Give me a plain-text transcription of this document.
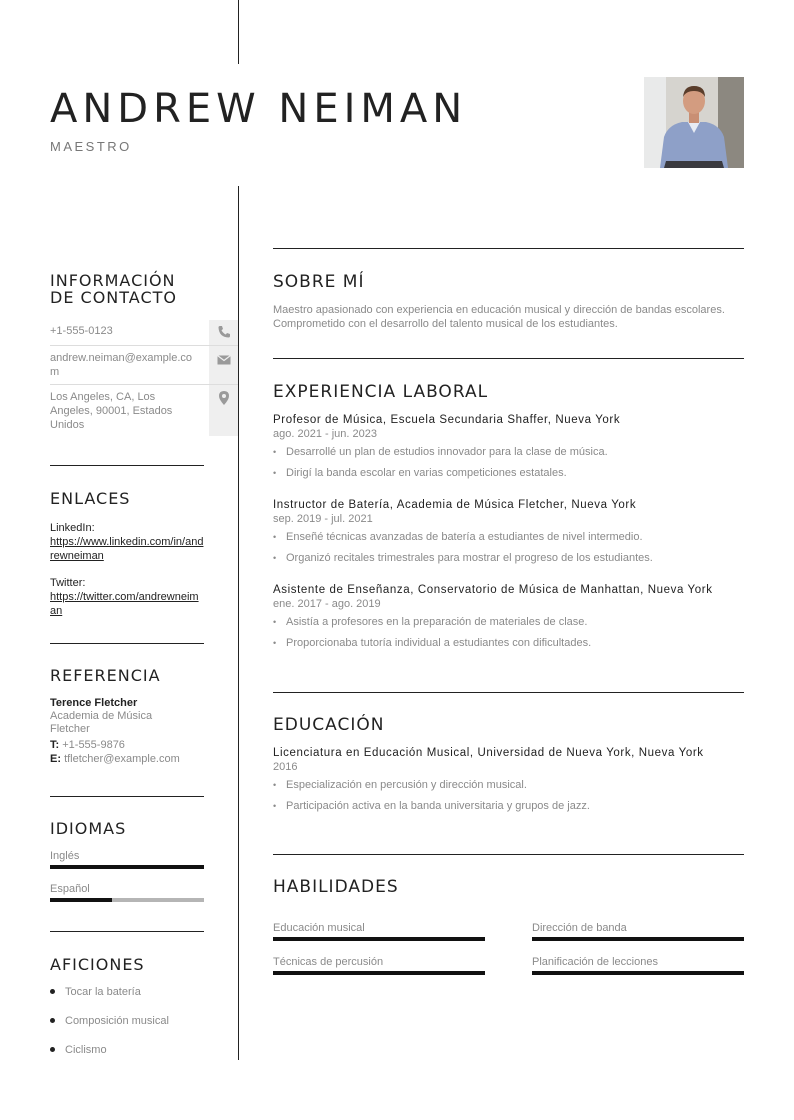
ANDREW NEIMAN
MAESTRO
INFORMACIÓN
DE CONTACTO
+1-555-0123
andrew.neiman@example.com
Los Angeles, CA, Los Angeles, 90001, Estados Unidos
ENLACES
LinkedIn:
https://www.linkedin.com/in/andrewneiman
Twitter:
https://twitter.com/andrewneiman
REFERENCIA
Terence Fletcher
Academia de Música Fletcher
T: +1-555-9876
E: tfletcher@example.com
IDIOMAS
Inglés
Español
AFICIONES
Tocar la batería
Composición musical
Ciclismo
SOBRE MÍ
Maestro apasionado con experiencia en educación musical y dirección de bandas escolares. Comprometido con el desarrollo del talento musical de los estudiantes.
EXPERIENCIA LABORAL
Profesor de Música, Escuela Secundaria Shaffer, Nueva York
ago. 2021 - jun. 2023
• Desarrollé un plan de estudios innovador para la clase de música.
• Dirigí la banda escolar en varias competiciones estatales.
Instructor de Batería, Academia de Música Fletcher, Nueva York
sep. 2019 - jul. 2021
• Enseñé técnicas avanzadas de batería a estudiantes de nivel intermedio.
• Organizó recitales trimestrales para mostrar el progreso de los estudiantes.
Asistente de Enseñanza, Conservatorio de Música de Manhattan, Nueva York
ene. 2017 - ago. 2019
• Asistía a profesores en la preparación de materiales de clase.
• Proporcionaba tutoría individual a estudiantes con dificultades.
EDUCACIÓN
Licenciatura en Educación Musical, Universidad de Nueva York, Nueva York
2016
• Especialización en percusión y dirección musical.
• Participación activa en la banda universitaria y grupos de jazz.
HABILIDADES
Educación musical	Dirección de banda
Técnicas de percusión	Planificación de lecciones
